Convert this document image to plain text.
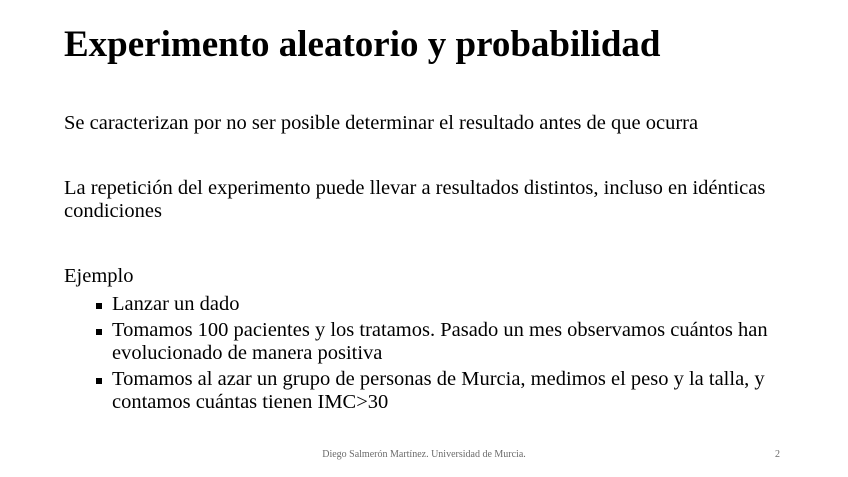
Experimento aleatorio y probabilidad

Se caracterizan por no ser posible determinar el resultado antes de que ocurra

La repetición del experimento puede llevar a resultados distintos, incluso en idénticas condiciones

Ejemplo

Lanzar un dado
Tomamos 100 pacientes y los tratamos. Pasado un mes observamos cuántos han evolucionado de manera positiva
Tomamos al azar un grupo de personas de Murcia, medimos el peso y la talla, y contamos cuántas tienen IMC>30
Diego Salmerón Martínez. Universidad de Murcia.	2
